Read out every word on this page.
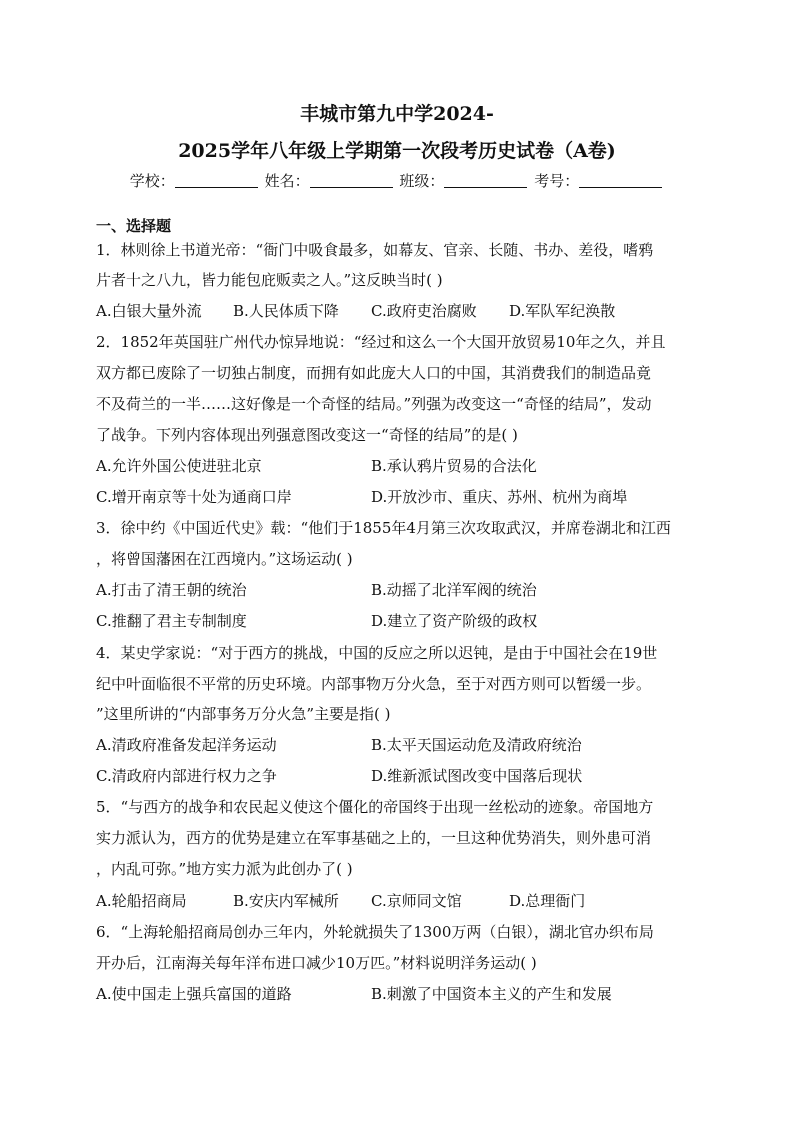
丰城市第九中学2024-
2025学年八年级上学期第一次段考历史试卷（A卷)
学校：	姓名：	班级：	考号：
一、选择题
1．林则徐上书道光帝：“衙门中吸食最多，如幕友、官亲、长随、书办、差役，嗜鸦
片者十之八九，皆力能包庇贩卖之人。”这反映当时( )
A.白银大量外流 B.人民体质下降 C.政府吏治腐败 D.军队军纪涣散
2．1852年英国驻广州代办惊异地说：“经过和这么一个大国开放贸易10年之久，并且
双方都已废除了一切独占制度，而拥有如此庞大人口的中国，其消费我们的制造品竟
不及荷兰的一半……这好像是一个奇怪的结局。”列强为改变这一“奇怪的结局”，发动
了战争。下列内容体现出列强意图改变这一“奇怪的结局”的是( )
A.允许外国公使进驻北京	B.承认鸦片贸易的合法化
C.增开南京等十处为通商口岸	D.开放沙市、重庆、苏州、杭州为商埠
3．徐中约《中国近代史》载：“他们于1855年4月第三次攻取武汉，并席卷湖北和江西
，将曾国藩困在江西境内。”这场运动( )
A.打击了清王朝的统治	B.动摇了北洋军阀的统治
C.推翻了君主专制制度	D.建立了资产阶级的政权
4．某史学家说：“对于西方的挑战，中国的反应之所以迟钝，是由于中国社会在19世
纪中叶面临很不平常的历史环境。内部事物万分火急，至于对西方则可以暂缓一步。
”这里所讲的“内部事务万分火急”主要是指( )
A.清政府准备发起洋务运动	B.太平天国运动危及清政府统治
C.清政府内部进行权力之争	D.维新派试图改变中国落后现状
5．“与西方的战争和农民起义使这个僵化的帝国终于出现一丝松动的迹象。帝国地方
实力派认为，西方的优势是建立在军事基础之上的，一旦这种优势消失，则外患可消
，内乱可弥。”地方实力派为此创办了( )
A.轮船招商局	B.安庆内军械所 C.京师同文馆	D.总理衙门
6．“上海轮船招商局创办三年内，外轮就损失了1300万两（白银），湖北官办织布局
开办后，江南海关每年洋布进口减少10万匹。”材料说明洋务运动( )
A.使中国走上强兵富国的道路	B.刺激了中国资本主义的产生和发展
